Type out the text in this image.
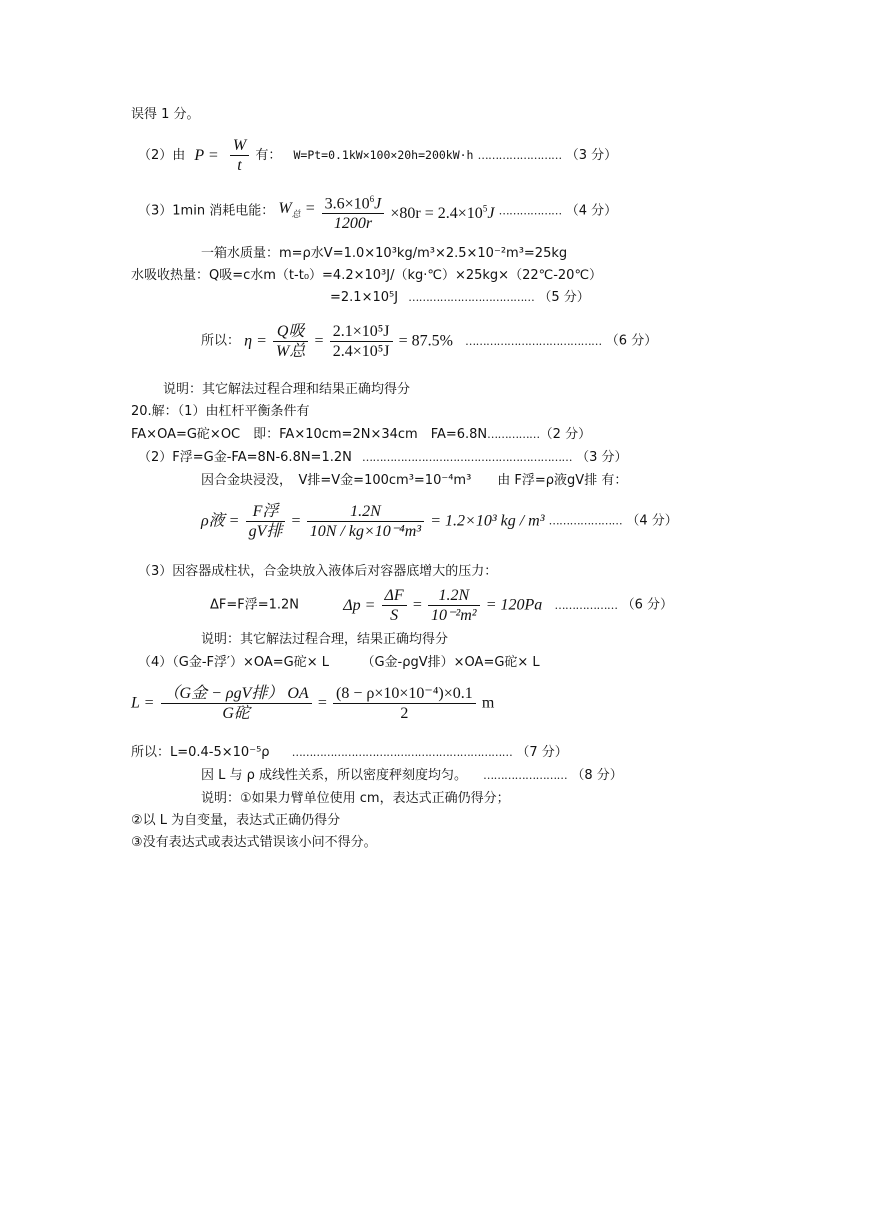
误得 1 分。
（2）由 $P = \frac{W}{t}$ 有： W=Pt=0.1kW×100×20h=200kW·h …………………… （3 分）
（3）1min 消耗电能： $W_总 = \frac{3.6\times 10^6J}{1200r} \times 80r = 2.4\times 10^5J$ ……………… （4 分）
一箱水质量：m=ρ水V=1.0×10³kg/m³×2.5×10⁻²m³=25kg
水吸收热量：Q吸=c水m（t-t₀）=4.2×10³J/（kg·℃）×25kg×（22℃-20℃）
=2.1×10⁵J ……………………………… （5 分）
所以： $\eta = \frac{\text{Q吸}}{\text{W总}} = \frac{\text{2.1×10⁵J}}{\text{2.4×10⁵J}} = 87.5\%$ ………………………………… （6 分）
说明：其它解法过程合理和结果正确均得分
20.解：（1）由杠杆平衡条件有
FA×OA=G砣×OC　即：FA×10cm=2N×34cm　FA=6.8N……………（2 分）
（2）F浮=G金-FA=8N-6.8N=1.2N …………………………………………………… （3 分）
因合金块浸没，　V排=V金=100cm³=10⁻⁴m³　　由 F浮=ρ液gV排 有：
ρ液 = $\frac{\text{F浮}}{\text{gV排}} = \frac{1.2N}{\text{10N / kg×10⁻⁴m³}} = 1.2\times 10^3$ kg / m³ ………………… （4 分）
（3）因容器成柱状，合金块放入液体后对容器底增大的压力：
ΔF=F浮=1.2N	$\Delta p = \frac{\Delta F}{S} = \frac{1.2N}{\text{10⁻²m²}} = 120Pa$ ……………… （6 分）
说明：其它解法过程合理，结果正确均得分
（4）（G金-F浮′）×OA=G砣× L　　　（G金-ρgV排）×OA=G砣× L
$L = \frac{\text{（G金 − ρgV排） OA}}{\text{G砣}} = \frac{\text{(8 − ρ×10×10⁻⁴)×0.1}}{2}$ m
所以：L=0.4-5×10⁻⁵ρ ……………………………………………………… （7 分）
因 L 与 ρ 成线性关系，所以密度秤刻度均匀。 …………………… （8 分）
说明：①如果力臂单位使用 cm，表达式正确仍得分；
②以 L 为自变量，表达式正确仍得分
③没有表达式或表达式错误该小问不得分。
